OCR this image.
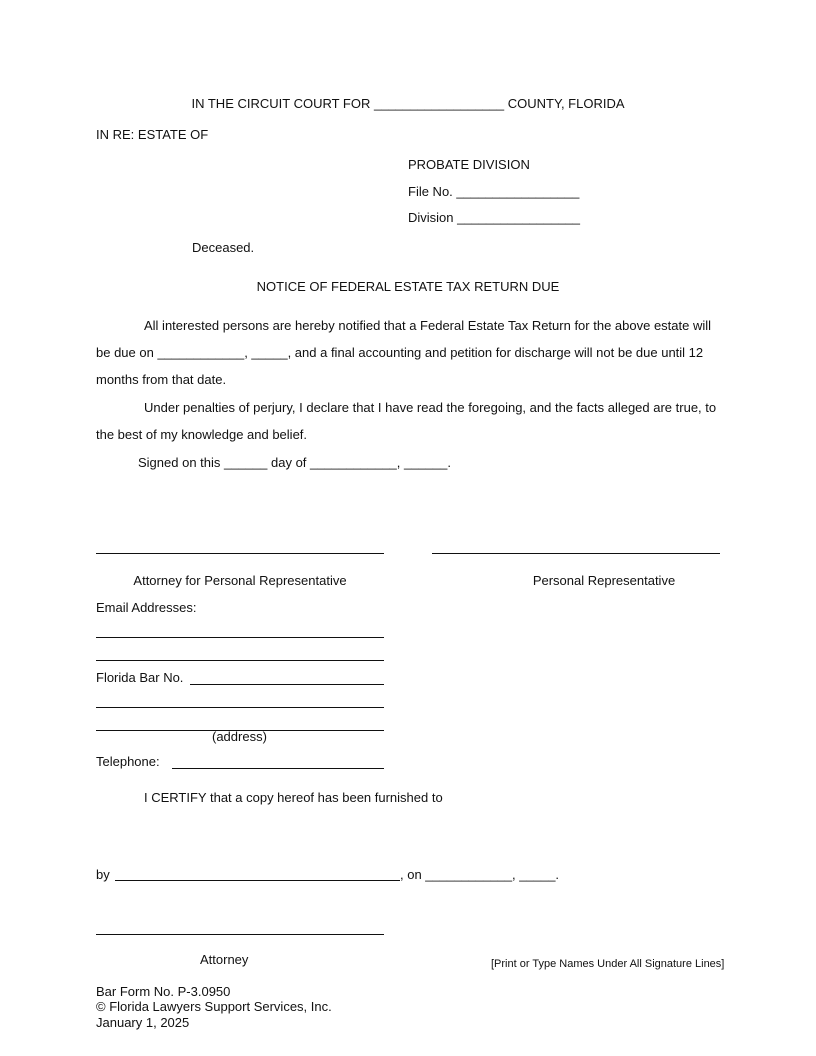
IN THE CIRCUIT COURT FOR __________________ COUNTY, FLORIDA
IN RE: ESTATE OF
PROBATE DIVISION
File No. _________________
Division _________________
Deceased.
NOTICE OF FEDERAL ESTATE TAX RETURN DUE
All interested persons are hereby notified that a Federal Estate Tax Return for the above estate will
be due on ____________, _____, and a final accounting and petition for discharge will not be due until 12
months from that date.
Under penalties of perjury, I declare that I have read the foregoing, and the facts alleged are true, to
the best of my knowledge and belief.
Signed on this ______ day of ____________, ______.
Attorney for Personal Representative	Personal Representative
Email Addresses:
Florida Bar No.
(address)
Telephone:
I CERTIFY that a copy hereof has been furnished to
by	, on ____________, _____.
Attorney	[Print or Type Names Under All Signature Lines]
Bar Form No. P-3.0950
© Florida Lawyers Support Services, Inc.
January 1, 2025
